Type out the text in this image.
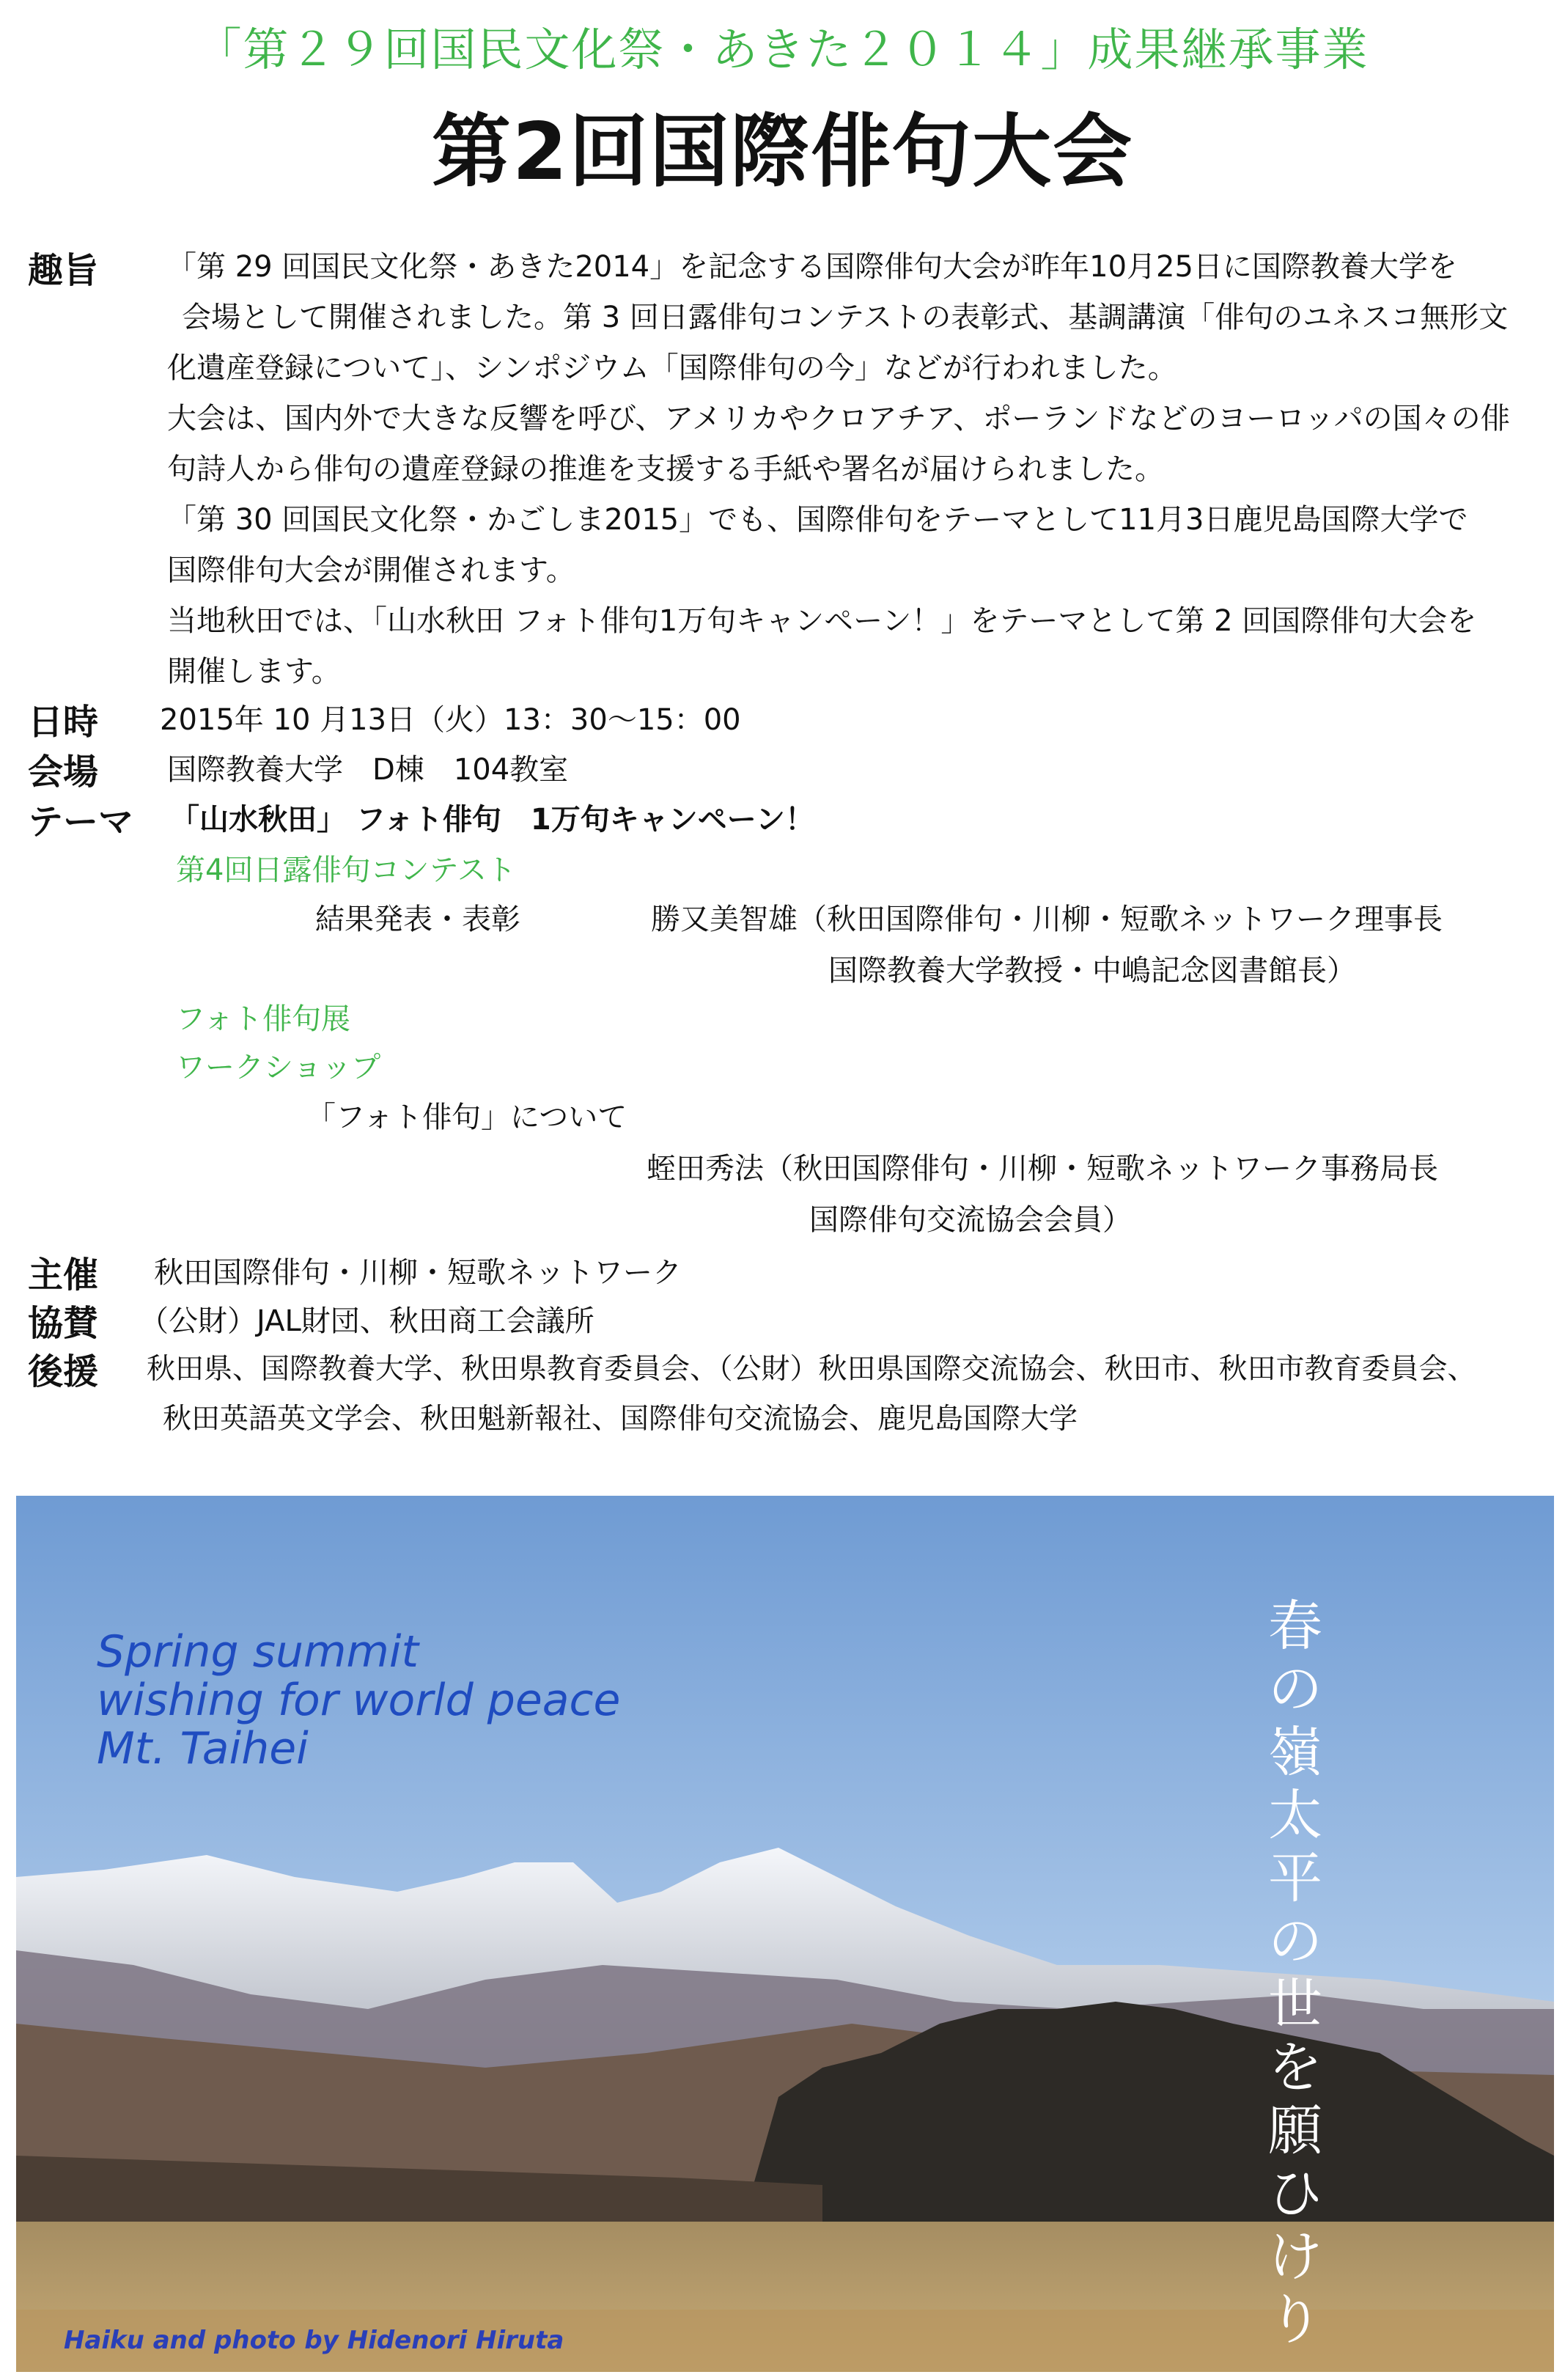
「第２９回国民文化祭・あきた２０１４」成果継承事業
第2回国際俳句大会
趣旨 「第 29 回国民文化祭・あきた2014」を記念する国際俳句大会が昨年10月25日に国際教養大学を

会場として開催されました。第 3 回日露俳句コンテストの表彰式、基調講演「俳句のユネスコ無形文

化遺産登録について」、シンポジウム「国際俳句の今」などが行われました。

大会は、国内外で大きな反響を呼び、アメリカやクロアチア、ポーランドなどのヨーロッパの国々の俳

句詩人から俳句の遺産登録の推進を支援する手紙や署名が届けられました。

「第 30 回国民文化祭・かごしま2015」でも、国際俳句をテーマとして11月3日鹿児島国際大学で

国際俳句大会が開催されます。

当地秋田では、「山水秋田 フォト俳句1万句キャンペーン！」をテーマとして第 2 回国際俳句大会を

開催します。

日時 2015年 10 月13日（火）13：30～15：00
会場 国際教養大学　D棟　104教室
テーマ 「山水秋田」 フォト俳句　1万句キャンペーン！
第4回日露俳句コンテスト
結果発表・表彰	勝又美智雄（秋田国際俳句・川柳・短歌ネットワーク理事長
国際教養大学教授・中嶋記念図書館長）
フォト俳句展
ワークショップ
「フォト俳句」について
蛭田秀法（秋田国際俳句・川柳・短歌ネットワーク事務局長
国際俳句交流協会会員）
主催 秋田国際俳句・川柳・短歌ネットワーク
協賛 （公財）JAL財団、秋田商工会議所
後援 秋田県、国際教養大学、秋田県教育委員会、（公財）秋田県国際交流協会、秋田市、秋田市教育委員会、
秋田英語英文学会、秋田魁新報社、国際俳句交流協会、鹿児島国際大学
Spring summit
wishing for world peace
Mt. Taihei
春の嶺太平の世を願ひけり
Haiku and photo by Hidenori Hiruta
